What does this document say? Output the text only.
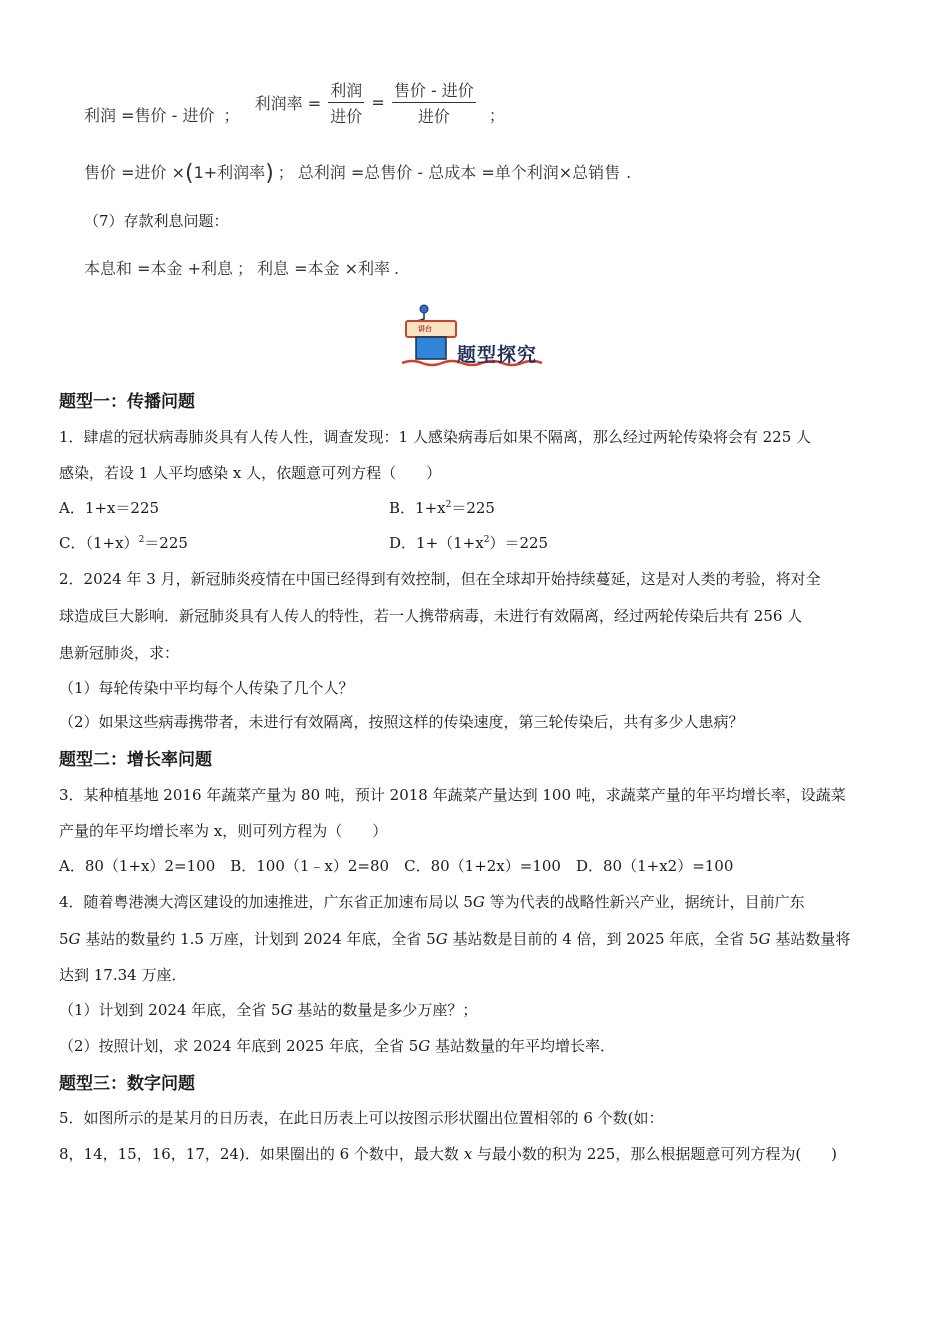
利润 =售价 - 进价 ； 利润率 = $\frac{\text{利润}}{\text{进价}} = \frac{\text{售价 - 进价}}{\text{进价}}$ ；
售价 =进价 ×(1+利润率) ； 总利润 =总售价 - 总成本 =单个利润×总销售 .
（7）存款利息问题：
本息和 =本金 +利息 ； 利息 =本金 ×利率 .
讲台
题型探究
题型一：传播问题
1．肆虐的冠状病毒肺炎具有人传人性，调查发现：1 人感染病毒后如果不隔离，那么经过两轮传染将会有 225 人
感染，若设 1 人平均感染 x 人，依题意可列方程（　　）
A．1+x＝225	B．$1+x^2=225$
C．$(1+x)^2=225$	D．$1+(1+x^2)=225$
2．2024 年 3 月，新冠肺炎疫情在中国已经得到有效控制，但在全球却开始持续蔓延，这是对人类的考验，将对全
球造成巨大影响．新冠肺炎具有人传人的特性，若一人携带病毒，未进行有效隔离，经过两轮传染后共有 256 人
患新冠肺炎，求：
（1）每轮传染中平均每个人传染了几个人？
（2）如果这些病毒携带者，未进行有效隔离，按照这样的传染速度，第三轮传染后，共有多少人患病？
题型二：增长率问题
3．某种植基地 2016 年蔬菜产量为 80 吨，预计 2018 年蔬菜产量达到 100 吨，求蔬菜产量的年平均增长率，设蔬菜
产量的年平均增长率为 x，则可列方程为（　　）
A．80（1+x）2=100　B．100（1﹣x）2=80　C．80（1+2x）=100　D．80（1+x2）=100
4．随着粤港澳大湾区建设的加速推进，广东省正加速布局以 5G 等为代表的战略性新兴产业，据统计，目前广东
5G 基站的数量约 1.5 万座，计划到 2024 年底，全省 5G 基站数是目前的 4 倍，到 2025 年底，全省 5G 基站数量将
达到 17.34 万座．
（1）计划到 2024 年底，全省 5G 基站的数量是多少万座？；
（2）按照计划，求 2024 年底到 2025 年底，全省 5G 基站数量的年平均增长率．
题型三：数字问题
5．如图所示的是某月的日历表，在此日历表上可以按图示形状圈出位置相邻的 6 个数(如：
8，14，15，16，17，24)．如果圈出的 6 个数中，最大数 x 与最小数的积为 225，那么根据题意可列方程为(　　)
